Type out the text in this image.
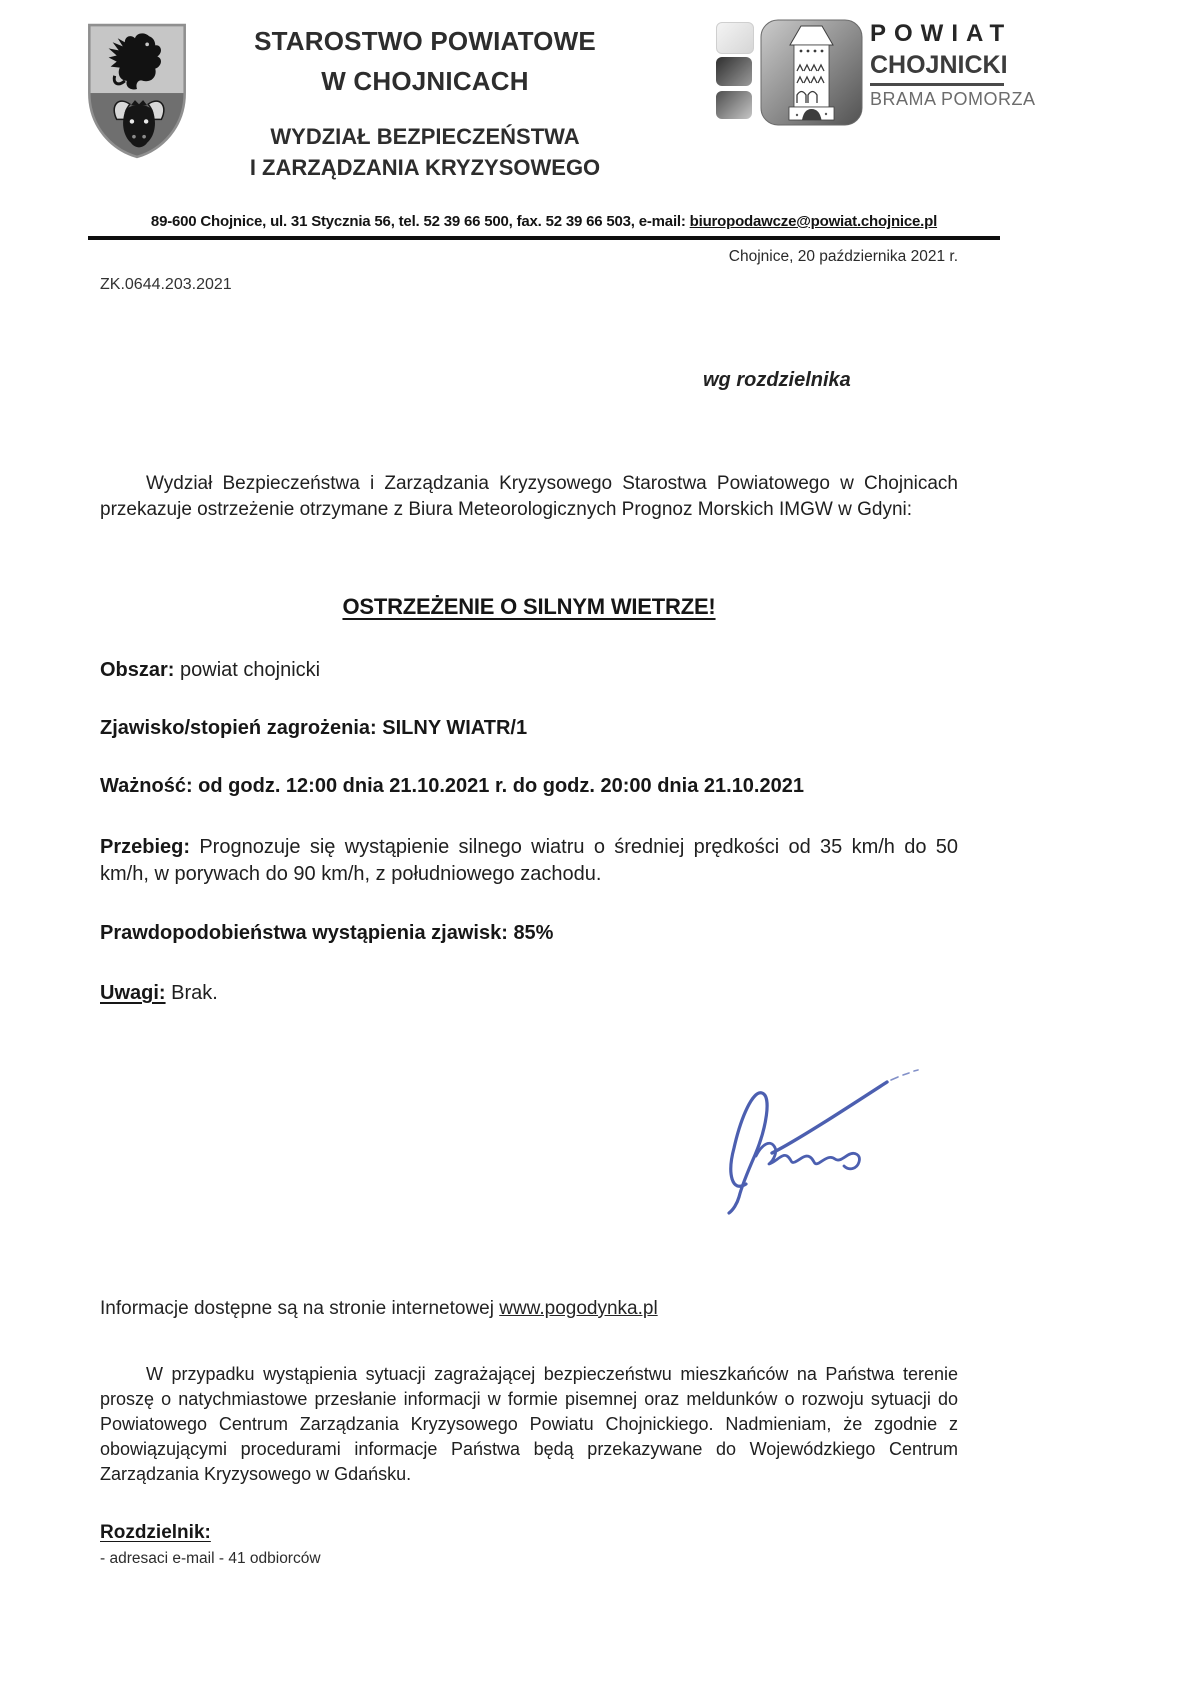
STAROSTWO POWIATOWE
W CHOJNICACH
WYDZIAŁ BEZPIECZEŃSTWA
I ZARZĄDZANIA KRYZYSOWEGO
POWIAT
CHOJNICKI
BRAMA POMORZA
89-600 Chojnice, ul. 31 Stycznia 56, tel. 52 39 66 500, fax. 52 39 66 503, e-mail: biuropodawcze@powiat.chojnice.pl
Chojnice, 20 października 2021 r.
ZK.0644.203.2021
wg rozdzielnika

Wydział Bezpieczeństwa i Zarządzania Kryzysowego Starostwa Powiatowego w Chojnicach przekazuje ostrzeżenie otrzymane z Biura Meteorologicznych Prognoz Morskich IMGW w Gdyni:

OSTRZEŻENIE O SILNYM WIETRZE!
Obszar: powiat chojnicki
Zjawisko/stopień zagrożenia: SILNY WIATR/1
Ważność: od godz. 12:00 dnia 21.10.2021 r. do godz. 20:00 dnia 21.10.2021
Przebieg: Prognozuje się wystąpienie silnego wiatru o średniej prędkości od 35 km/h do 50 km/h, w porywach do 90 km/h, z południowego zachodu.
Prawdopodobieństwa wystąpienia zjawisk: 85%
Uwagi: Brak.
Informacje dostępne są na stronie internetowej www.pogodynka.pl

W przypadku wystąpienia sytuacji zagrażającej bezpieczeństwu mieszkańców na Państwa terenie proszę o natychmiastowe przesłanie informacji w formie pisemnej oraz meldunków o rozwoju sytuacji do Powiatowego Centrum Zarządzania Kryzysowego Powiatu Chojnickiego. Nadmieniam, że zgodnie z obowiązującymi procedurami informacje Państwa będą przekazywane do Wojewódzkiego Centrum Zarządzania Kryzysowego w Gdańsku.

Rozdzielnik:
- adresaci e-mail - 41 odbiorców
